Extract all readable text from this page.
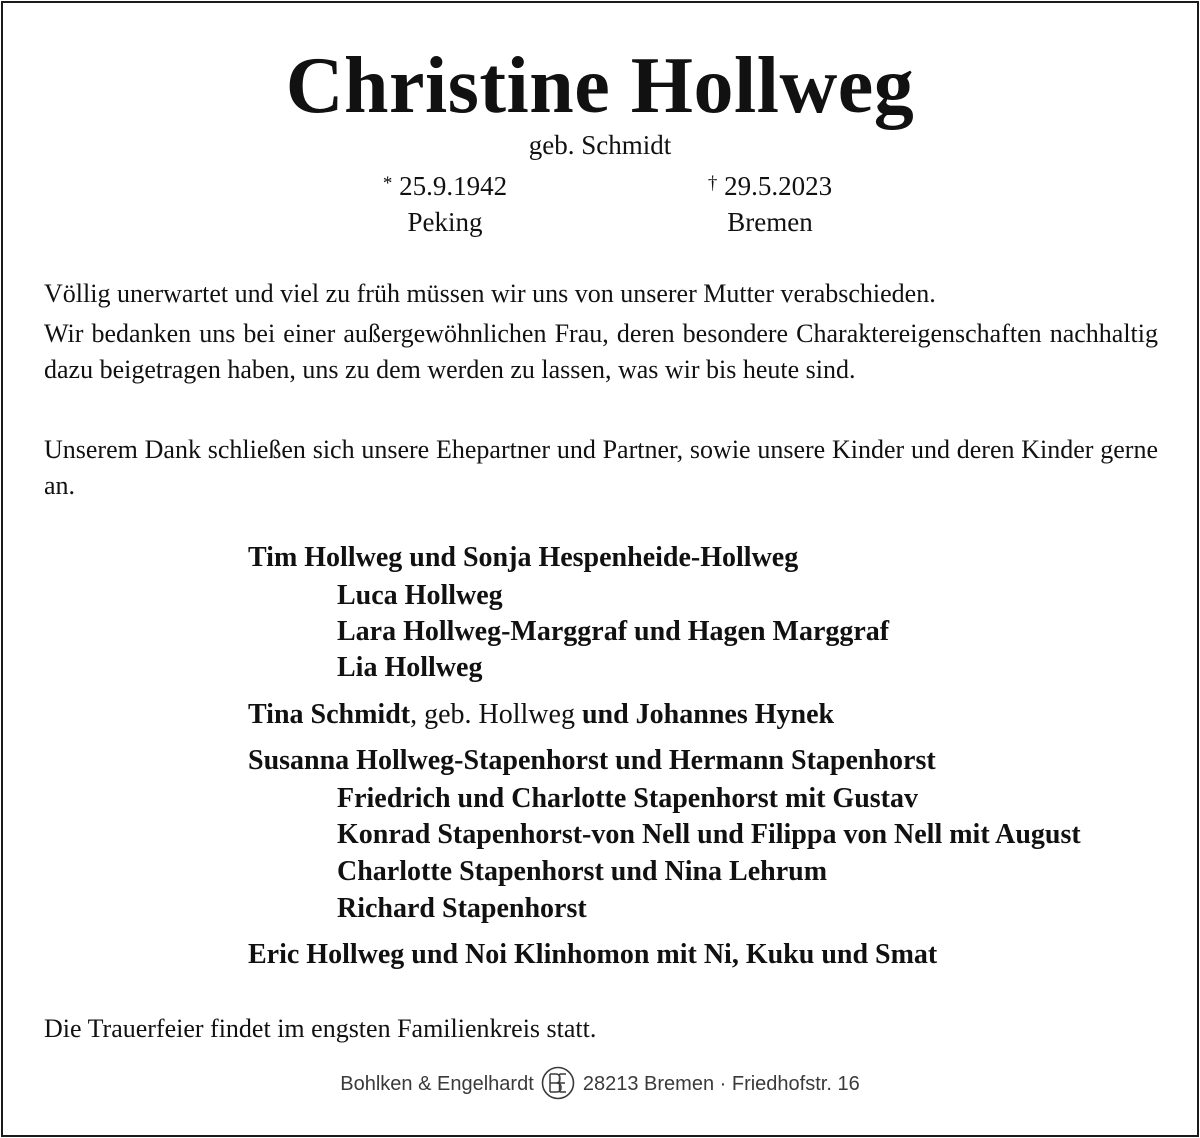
Christine Hollweg
geb. Schmidt
* 25.9.1942
Peking
† 29.5.2023
Bremen

Völlig unerwartet und viel zu früh müssen wir uns von unserer Mutter verabschieden.

Wir bedanken uns bei einer außergewöhnlichen Frau, deren besondere Charaktereigenschaften nachhaltig dazu beigetragen haben, uns zu dem werden zu lassen, was wir bis heute sind.

Unserem Dank schließen sich unsere Ehepartner und Partner, sowie unsere Kinder und deren Kinder gerne an.

Tim Hollweg und Sonja Hespenheide-Hollweg
Luca Hollweg
Lara Hollweg-Marggraf und Hagen Marggraf
Lia Hollweg
Tina Schmidt, geb. Hollweg und Johannes Hynek
Susanna Hollweg-Stapenhorst und Hermann Stapenhorst
Friedrich und Charlotte Stapenhorst mit Gustav
Konrad Stapenhorst-von Nell und Filippa von Nell mit August
Charlotte Stapenhorst und Nina Lehrum
Richard Stapenhorst
Eric Hollweg und Noi Klinhomon mit Ni, Kuku und Smat
Die Trauerfeier findet im engsten Familienkreis statt.
Bohlken & Engelhardt 28213 Bremen · Friedhofstr. 16
